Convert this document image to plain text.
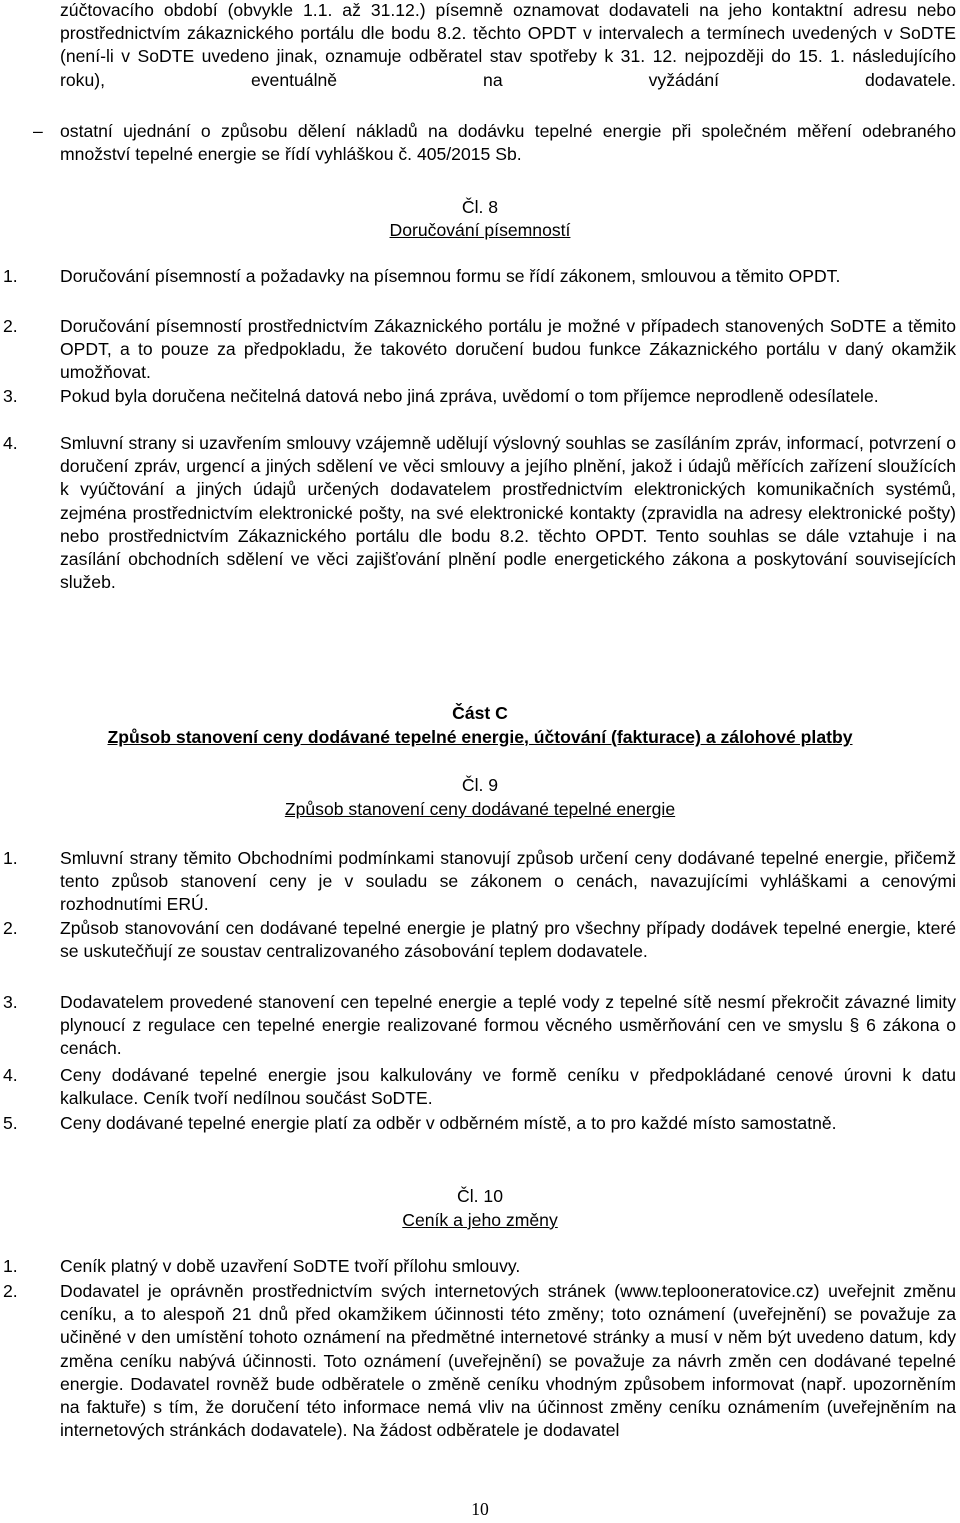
zúčtovacího období (obvykle 1.1. až 31.12.) písemně oznamovat dodavateli na jeho kontaktní adresu nebo prostřednictvím zákaznického portálu dle bodu 8.2. těchto OPDT v intervalech a termínech uvedených v SoDTE (není-li v SoDTE uvedeno jinak, oznamuje odběratel stav spotřeby k 31. 12. nejpozději do 15. 1. následujícího roku), eventuálně na vyžádání dodavatele.

– ostatní ujednání o způsobu dělení nákladů na dodávku tepelné energie při společném měření odebraného množství tepelné energie se řídí vyhláškou č. 405/2015 Sb.

Čl. 8

Doručování písemností

1.	Doručování písemností a požadavky na písemnou formu se řídí zákonem, smlouvou a těmito OPDT.
2.	Doručování písemností prostřednictvím Zákaznického portálu je možné v případech stanovených SoDTE a těmito OPDT, a to pouze za předpokladu, že takovéto doručení budou funkce Zákaznického portálu v daný okamžik umožňovat.
3.	Pokud byla doručena nečitelná datová nebo jiná zpráva, uvědomí o tom příjemce neprodleně odesílatele.
4.	Smluvní strany si uzavřením smlouvy vzájemně udělují výslovný souhlas se zasíláním zpráv, informací, potvrzení o doručení zpráv, urgencí a jiných sdělení ve věci smlouvy a jejího plnění, jakož i údajů měřících zařízení sloužících k vyúčtování a jiných údajů určených dodavatelem prostřednictvím elektronických komunikačních systémů, zejména prostřednictvím elektronické pošty, na své elektronické kontakty (zpravidla na adresy elektronické pošty) nebo prostřednictvím Zákaznického portálu dle bodu 8.2. těchto OPDT. Tento souhlas se dále vztahuje i na zasílání obchodních sdělení ve věci zajišťování plnění podle energetického zákona a poskytování souvisejících služeb.

Část C

Způsob stanovení ceny dodávané tepelné energie, účtování (fakturace) a zálohové platby

Čl. 9

Způsob stanovení ceny dodávané tepelné energie

1.	Smluvní strany těmito Obchodními podmínkami stanovují způsob určení ceny dodávané tepelné energie, přičemž tento způsob stanovení ceny je v souladu se zákonem o cenách, navazujícími vyhláškami a cenovými rozhodnutími ERÚ.
2.	Způsob stanovování cen dodávané tepelné energie je platný pro všechny případy dodávek tepelné energie, které se uskutečňují ze soustav centralizovaného zásobování teplem dodavatele.
3.	Dodavatelem provedené stanovení cen tepelné energie a teplé vody z tepelné sítě nesmí překročit závazné limity plynoucí z regulace cen tepelné energie realizované formou věcného usměrňování cen ve smyslu § 6 zákona o cenách.
4.	Ceny dodávané tepelné energie jsou kalkulovány ve formě ceníku v předpokládané cenové úrovni k datu kalkulace. Ceník tvoří nedílnou součást SoDTE.
5.	Ceny dodávané tepelné energie platí za odběr v odběrném místě, a to pro každé místo samostatně.

Čl. 10

Ceník a jeho změny

1.	Ceník platný v době uzavření SoDTE tvoří přílohu smlouvy.
2.	Dodavatel je oprávněn prostřednictvím svých internetových stránek (www.teplooneratovice.cz) uveřejnit změnu ceníku, a to alespoň 21 dnů před okamžikem účinnosti této změny; toto oznámení (uveřejnění) se považuje za učiněné v den umístění tohoto oznámení na předmětné internetové stránky a musí v něm být uvedeno datum, kdy změna ceníku nabývá účinnosti. Toto oznámení (uveřejnění) se považuje za návrh změn cen dodávané tepelné energie. Dodavatel rovněž bude odběratele o změně ceníku vhodným způsobem informovat (např. upozorněním na faktuře) s tím, že doručení této informace nemá vliv na účinnost změny ceníku oznámením (uveřejněním na internetových stránkách dodavatele). Na žádost odběratele je dodavatel
10
